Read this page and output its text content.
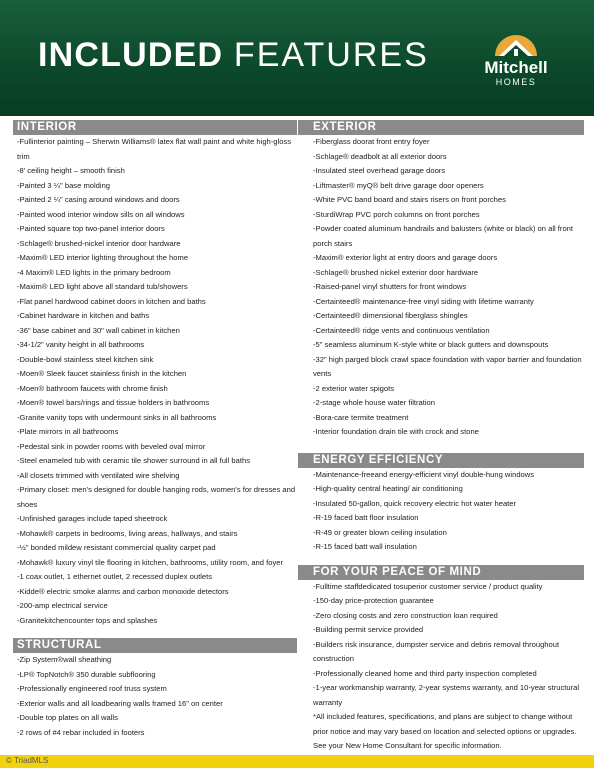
INCLUDED FEATURES	Mitchell
HOMES
INTERIOR
-Fullinterior painting – Sherwin Williams® latex flat wall paint and white high-gloss trim
-8' ceiling height – smooth finish
-Painted 3 ¼" base molding
-Painted 2 ¼" casing around windows and doors
-Painted wood interior window sills on all windows
-Painted square top two-panel interior doors
-Schlage® brushed-nickel interior door hardware
-Maxim® LED interior lighting throughout the home
-4 Maxim® LED lights in the primary bedroom
-Maxim® LED light above all standard tub/showers
-Flat panel hardwood cabinet doors in kitchen and baths
-Cabinet hardware in kitchen and baths
-36" base cabinet and 30" wall cabinet in kitchen
-34-1/2" vanity height in all bathrooms
-Double-bowl stainless steel kitchen sink
-Moen® Sleek faucet stainless finish in the kitchen
-Moen® bathroom faucets with chrome finish
-Moen® towel bars/rings and tissue holders in bathrooms
-Granite vanity tops with undermount sinks in all bathrooms
-Plate mirrors in all bathrooms
-Pedestal sink in powder rooms with beveled oval mirror
-Steel enameled tub with ceramic tile shower surround in all full baths
-All closets trimmed with ventilated wire shelving
-Primary closet: men's designed for double hanging rods, women's for dresses and shoes
-Unfinished garages include taped sheetrock
-Mohawk® carpets in bedrooms, living areas, hallways, and stairs
-½" bonded mildew resistant commercial quality carpet pad
-Mohawk® luxury vinyl tile flooring in kitchen, bathrooms, utility room, and foyer
-1 coax outlet, 1 ethernet outlet, 2 recessed duplex outlets
-Kidde® electric smoke alarms and carbon monoxide detectors
-200-amp electrical service
-Granitekitchencounter tops and splashes
STRUCTURAL
-Zip System®wall sheathing
-LP® TopNotch® 350 durable subflooring
-Professionally engineered roof truss system
-Exterior walls and all loadbearing walls framed 16" on center
-Double top plates on all walls
-2 rows of #4 rebar included in footers
EXTERIOR
-Fiberglass doorat front entry foyer
-Schlage® deadbolt at all exterior doors
-Insulated steel overhead garage doors
-Liftmaster® myQ® belt drive garage door openers
-White PVC band board and stairs risers on front porches
-SturdiWrap PVC porch columns on front porches
-Powder coated aluminum handrails and balusters (white or black) on all front porch stairs
-Maxim® exterior light at entry doors and garage doors
-Schlage® brushed nickel exterior door hardware
-Raised-panel vinyl shutters for front windows
-Certainteed® maintenance-free vinyl siding with lifetime warranty
-Certainteed® dimensional fiberglass shingles
-Certainteed® ridge vents and continuous ventilation
-5" seamless aluminum K-style white or black gutters and downspouts
-32" high parged block crawl space foundation with vapor barrier and foundation vents
-2 exterior water spigots
-2-stage whole house water filtration
-Bora-care termite treatment
-Interior foundation drain tile with crock and stone
ENERGY EFFICIENCY
-Maintenance-freeand energy-efficient vinyl double-hung windows
-High-quality central heating/ air conditioning
-Insulated 50-gallon, quick recovery electric hot water heater
-R-19 faced batt floor insulation
-R-49 or greater blown ceiling insulation
-R-15 faced batt wall insulation
FOR YOUR PEACE OF MIND
-Fulltime staffdedicated tosuperior customer service / product quality
-150-day price-protection guarantee
-Zero closing costs and zero construction loan required
-Building permit service provided
-Builders risk insurance, dumpster service and debris removal throughout construction
-Professionally cleaned home and third party inspection completed
-1-year workmanship warranty, 2-year systems warranty, and 10-year structural warranty
*All included features, specifications, and plans are subject to change without prior notice and may vary based on location and selected options or upgrades. See your New Home Consultant for specific information.
© TriadMLS
